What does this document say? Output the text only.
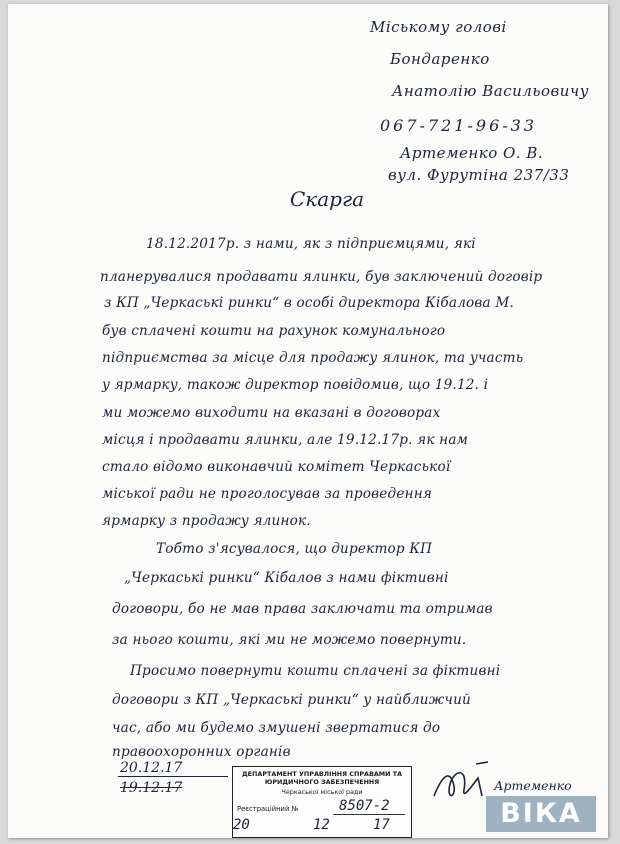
Міському голові
Бондаренко
Анатолію Васильовичу
067-721-96-33
Артеменко О. В.
вул. Фурутіна 237/33
Скарга
18.12.2017р. з нами, як з підприємцями, які
планерувалися продавати ялинки, був заключений договір
з КП „Черкаські ринки“ в особі директора Кібалова М.
був сплачені кошти на рахунок комунального
підприємства за місце для продажу ялинок, та участь
у ярмарку, також директор повідомив, що 19.12. і
ми можемо виходити на вказані в договорах
місця і продавати ялинки, але 19.12.17р. як нам
стало відомо виконавчий комітет Черкаської
міської ради не проголосував за проведення
ярмарку з продажу ялинок.
Тобто з'ясувалося, що директор КП
„Черкаські ринки“ Кібалов з нами фіктивні
договори, бо не мав права заключати та отримав
за нього кошти, які ми не можемо повернути.
Просимо повернути кошти сплачені за фіктивні
договори з КП „Черкаські ринки“ у найближчий
час, або ми будемо змушені звертатися до
правоохоронних органів
20.12.17
19.12.17
ДЕПАРТАМЕНТ УПРАВЛІННЯ СПРАВАМИ ТА ЮРИДИЧНОГО ЗАБЕЗПЕЧЕННЯ
Черкаської міської ради
Реєстраційний №	8507-2
20	12	17
Артеменко
ВІКА
